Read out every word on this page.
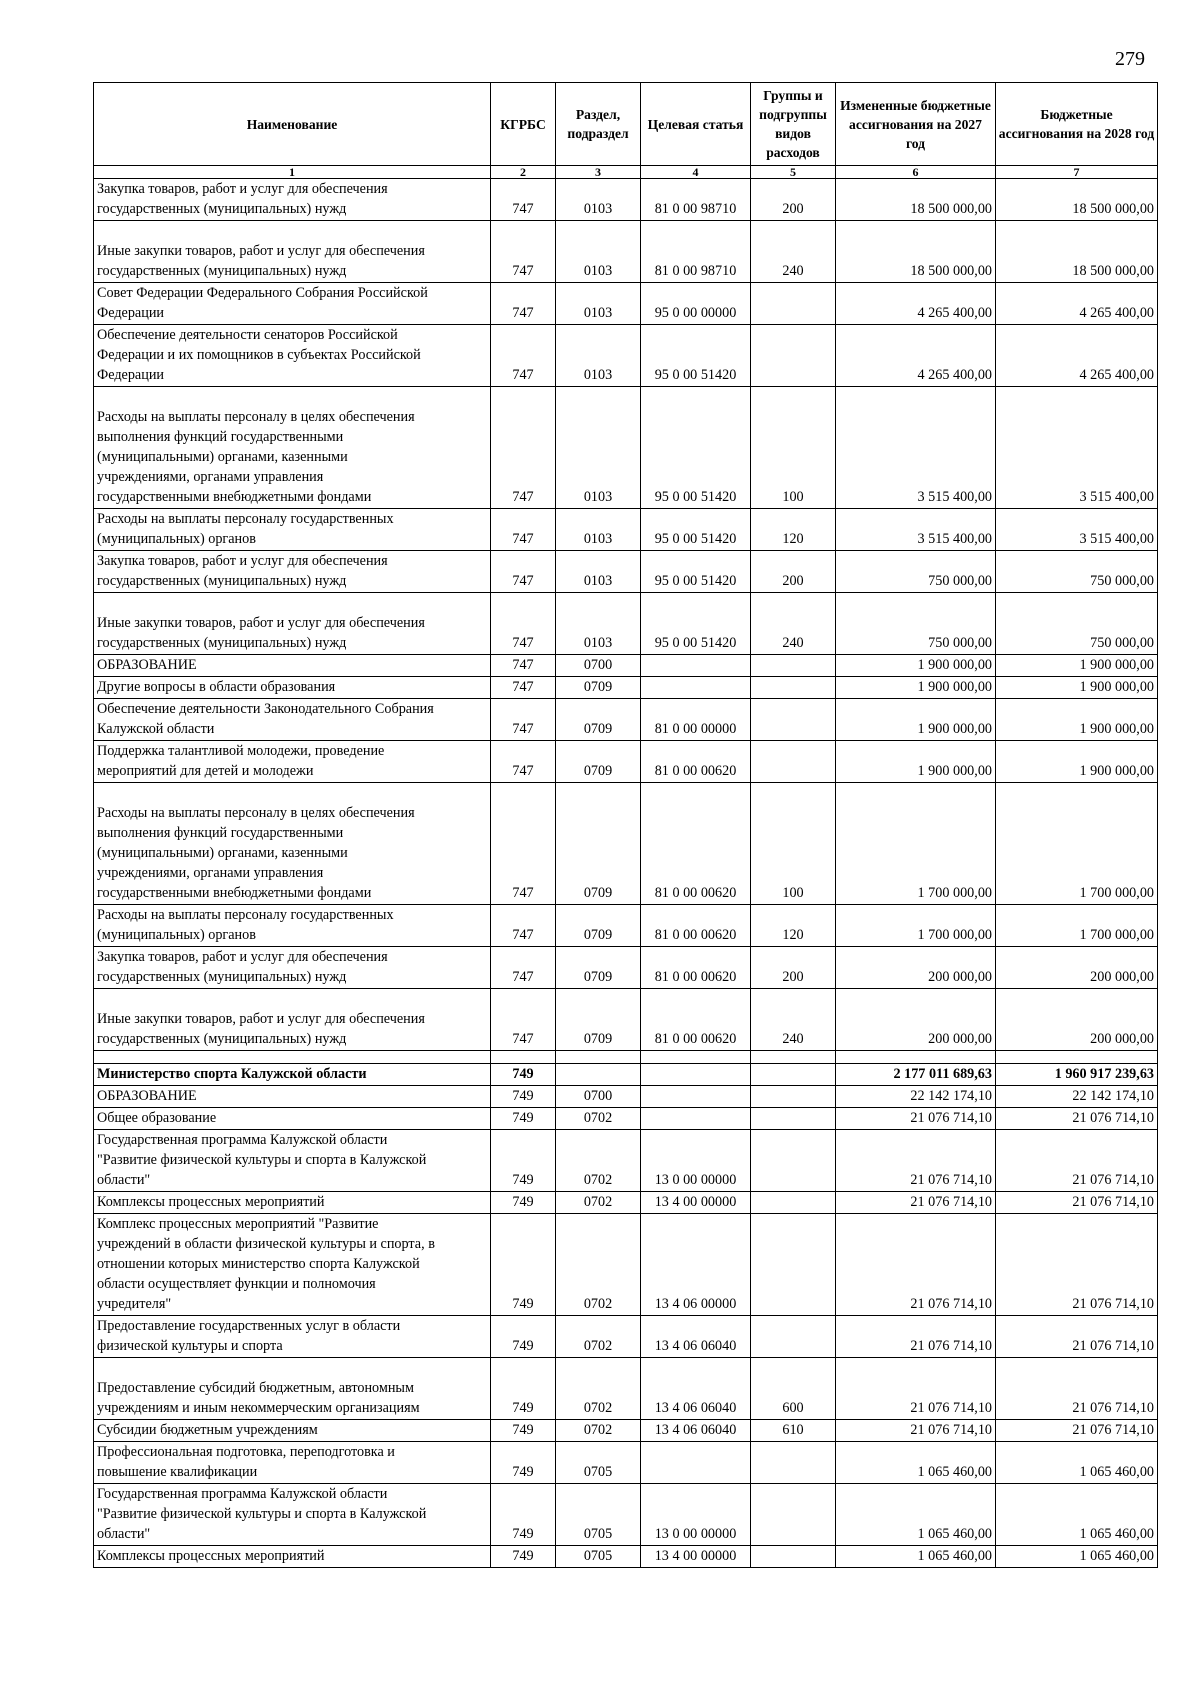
279
Наименование	КГРБС	Раздел, подраздел	Целевая статья	Группы и подгруппы видов расходов	Измененные бюджетные ассигнования на 2027 год	Бюджетные ассигнования на 2028 год
1	2	3	4	5	6	7

Закупка товаров, работ и услуг для обеспечения
государственных (муниципальных) нужд	747	0103	81 0 00 98710	200	18 500 000,00	18 500 000,00

Иные закупки товаров, работ и услуг для обеспечения
государственных (муниципальных) нужд	747	0103	81 0 00 98710	240	18 500 000,00	18 500 000,00

Совет Федерации Федерального Собрания Российской
Федерации	747	0103	95 0 00 00000		4 265 400,00	4 265 400,00

Обеспечение деятельности сенаторов Российской
Федерации и их помощников в субъектах Российской
Федерации	747	0103	95 0 00 51420		4 265 400,00	4 265 400,00

Расходы на выплаты персоналу в целях обеспечения
выполнения функций государственными
(муниципальными) органами, казенными
учреждениями, органами управления
государственными внебюджетными фондами	747	0103	95 0 00 51420	100	3 515 400,00	3 515 400,00

Расходы на выплаты персоналу государственных
(муниципальных) органов	747	0103	95 0 00 51420	120	3 515 400,00	3 515 400,00

Закупка товаров, работ и услуг для обеспечения
государственных (муниципальных) нужд	747	0103	95 0 00 51420	200	750 000,00	750 000,00

Иные закупки товаров, работ и услуг для обеспечения
государственных (муниципальных) нужд	747	0103	95 0 00 51420	240	750 000,00	750 000,00

ОБРАЗОВАНИЕ	747	0700			1 900 000,00	1 900 000,00

Другие вопросы в области образования	747	0709			1 900 000,00	1 900 000,00

Обеспечение деятельности Законодательного Собрания
Калужской области	747	0709	81 0 00 00000		1 900 000,00	1 900 000,00

Поддержка талантливой молодежи, проведение
мероприятий для детей и молодежи	747	0709	81 0 00 00620		1 900 000,00	1 900 000,00

Расходы на выплаты персоналу в целях обеспечения
выполнения функций государственными
(муниципальными) органами, казенными
учреждениями, органами управления
государственными внебюджетными фондами	747	0709	81 0 00 00620	100	1 700 000,00	1 700 000,00

Расходы на выплаты персоналу государственных
(муниципальных) органов	747	0709	81 0 00 00620	120	1 700 000,00	1 700 000,00

Закупка товаров, работ и услуг для обеспечения
государственных (муниципальных) нужд	747	0709	81 0 00 00620	200	200 000,00	200 000,00

Иные закупки товаров, работ и услуг для обеспечения
государственных (муниципальных) нужд	747	0709	81 0 00 00620	240	200 000,00	200 000,00

Министерство спорта Калужской области	749				2 177 011 689,63	1 960 917 239,63

ОБРАЗОВАНИЕ	749	0700			22 142 174,10	22 142 174,10

Общее образование	749	0702			21 076 714,10	21 076 714,10

Государственная программа Калужской области
"Развитие физической культуры и спорта в Калужской
области"	749	0702	13 0 00 00000		21 076 714,10	21 076 714,10

Комплексы процессных мероприятий	749	0702	13 4 00 00000		21 076 714,10	21 076 714,10

Комплекс процессных мероприятий "Развитие
учреждений в области физической культуры и спорта, в
отношении которых министерство спорта Калужской
области осуществляет функции и полномочия
учредителя"	749	0702	13 4 06 00000		21 076 714,10	21 076 714,10

Предоставление государственных услуг в области
физической культуры и спорта	749	0702	13 4 06 06040		21 076 714,10	21 076 714,10

Предоставление субсидий бюджетным, автономным
учреждениям и иным некоммерческим организациям	749	0702	13 4 06 06040	600	21 076 714,10	21 076 714,10

Субсидии бюджетным учреждениям	749	0702	13 4 06 06040	610	21 076 714,10	21 076 714,10

Профессиональная подготовка, переподготовка и
повышение квалификации	749	0705			1 065 460,00	1 065 460,00

Государственная программа Калужской области
"Развитие физической культуры и спорта в Калужской
области"	749	0705	13 0 00 00000		1 065 460,00	1 065 460,00

Комплексы процессных мероприятий	749	0705	13 4 00 00000		1 065 460,00	1 065 460,00
